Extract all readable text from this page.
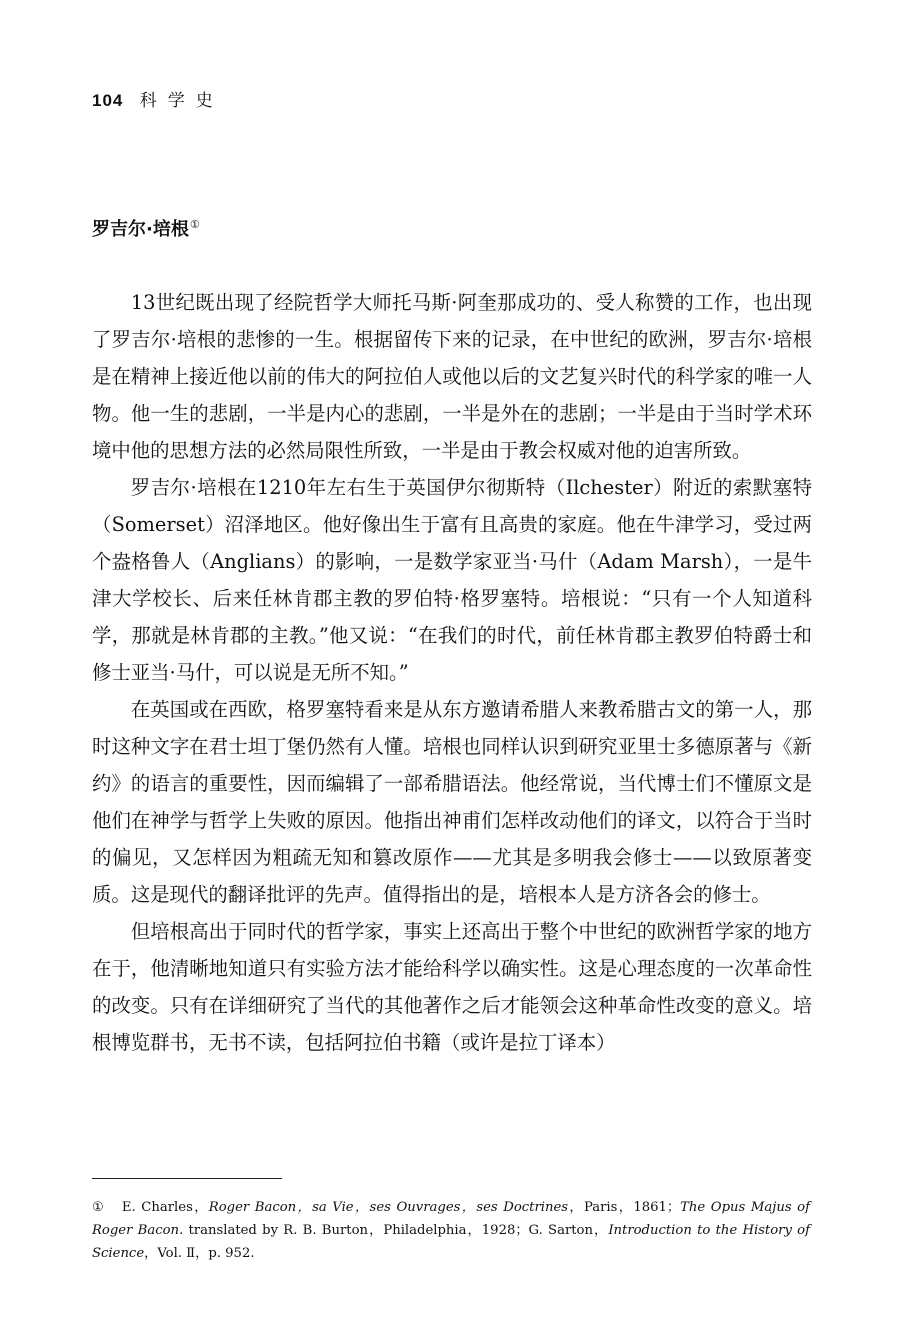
104 科学史
罗吉尔·培根①

13世纪既出现了经院哲学大师托马斯·阿奎那成功的、受人称赞的工作，也出现了罗吉尔·培根的悲惨的一生。根据留传下来的记录，在中世纪的欧洲，罗吉尔·培根是在精神上接近他以前的伟大的阿拉伯人或他以后的文艺复兴时代的科学家的唯一人物。他一生的悲剧，一半是内心的悲剧，一半是外在的悲剧；一半是由于当时学术环境中他的思想方法的必然局限性所致，一半是由于教会权威对他的迫害所致。

罗吉尔·培根在1210年左右生于英国伊尔彻斯特（Ilchester）附近的索默塞特（Somerset）沼泽地区。他好像出生于富有且高贵的家庭。他在牛津学习，受过两个盎格鲁人（Anglians）的影响，一是数学家亚当·马什（Adam Marsh），一是牛津大学校长、后来任林肯郡主教的罗伯特·格罗塞特。培根说：“只有一个人知道科学，那就是林肯郡的主教。”他又说：“在我们的时代，前任林肯郡主教罗伯特爵士和修士亚当·马什，可以说是无所不知。”

在英国或在西欧，格罗塞特看来是从东方邀请希腊人来教希腊古文的第一人，那时这种文字在君士坦丁堡仍然有人懂。培根也同样认识到研究亚里士多德原著与《新约》的语言的重要性，因而编辑了一部希腊语法。他经常说，当代博士们不懂原文是他们在神学与哲学上失败的原因。他指出神甫们怎样改动他们的译文，以符合于当时的偏见，又怎样因为粗疏无知和篡改原作——尤其是多明我会修士——以致原著变质。这是现代的翻译批评的先声。值得指出的是，培根本人是方济各会的修士。

但培根高出于同时代的哲学家，事实上还高出于整个中世纪的欧洲哲学家的地方在于，他清晰地知道只有实验方法才能给科学以确实性。这是心理态度的一次革命性的改变。只有在详细研究了当代的其他著作之后才能领会这种革命性改变的意义。培根博览群书，无书不读，包括阿拉伯书籍（或许是拉丁译本）

① E. Charles，Roger Bacon，sa Vie，ses Ouvrages，ses Doctrines，Paris，1861；The Opus Majus of Roger Bacon. translated by R. B. Burton，Philadelphia，1928；G. Sarton，Introduction to the History of Science，Vol. Ⅱ，p. 952.
